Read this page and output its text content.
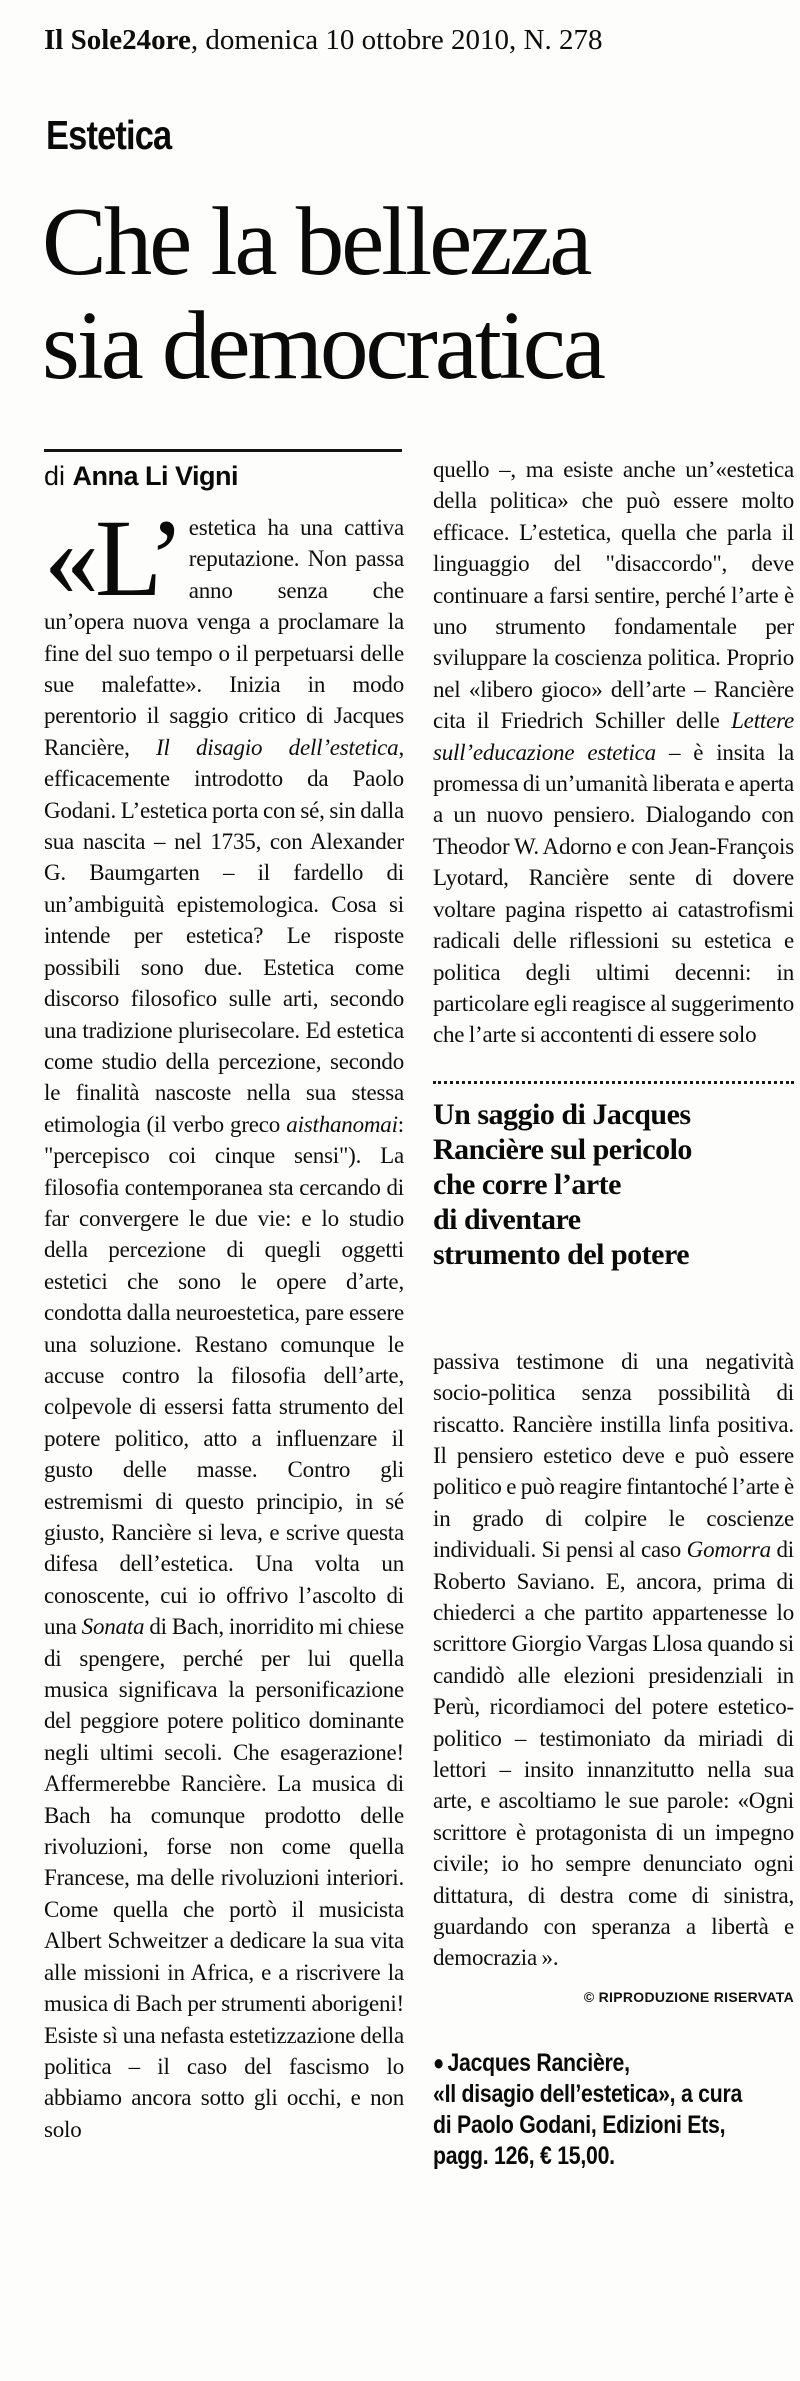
Il Sole24ore, domenica 10 ottobre 2010, N. 278
Estetica
Che la bellezza
sia democratica
di Anna Li Vigni

«L’ estetica ha una cattiva reputazione. Non passa anno senza che un’opera nuova venga a proclamare la fine del suo tempo o il perpetuarsi delle sue malefatte». Inizia in modo perentorio il saggio critico di Jacques Rancière, Il disagio dell’estetica, efficacemente introdotto da Paolo Godani. L’estetica porta con sé, sin dalla sua nascita – nel 1735, con Alexander G. Baumgarten – il fardello di un’ambiguità epistemologica. Cosa si intende per estetica? Le risposte possibili sono due. Estetica come discorso filosofico sulle arti, secondo una tradizione plurisecolare. Ed estetica come studio della percezione, secondo le finalità nascoste nella sua stessa etimologia (il verbo greco aisthanomai: "percepisco coi cinque sensi"). La filosofia contemporanea sta cercando di far convergere le due vie: e lo studio della percezione di quegli oggetti estetici che sono le opere d’arte, condotta dalla neuroestetica, pare essere una soluzione. Restano comunque le accuse contro la filosofia dell’arte, colpevole di essersi fatta strumento del potere politico, atto a influenzare il gusto delle masse. Contro gli estremismi di questo principio, in sé giusto, Rancière si leva, e scrive questa difesa dell’estetica. Una volta un conoscente, cui io offrivo l’ascolto di una Sonata di Bach, inorridito mi chiese di spengere, perché per lui quella musica significava la personificazione del peggiore potere politico dominante negli ultimi secoli. Che esagerazione! Affermerebbe Rancière. La musica di Bach ha comunque prodotto delle rivoluzioni, forse non come quella Francese, ma delle rivoluzioni interiori. Come quella che portò il musicista Albert Schweitzer a dedicare la sua vita alle missioni in Africa, e a riscrivere la musica di Bach per strumenti aborigeni! Esiste sì una nefasta estetizzazione della politica – il caso del fascismo lo abbiamo ancora sotto gli occhi, e non solo

quello –, ma esiste anche un’«estetica della politica» che può essere molto efficace. L’estetica, quella che parla il linguaggio del "disaccordo", deve continuare a farsi sentire, perché l’arte è uno strumento fondamentale per sviluppare la coscienza politica. Proprio nel «libero gioco» dell’arte – Rancière cita il Friedrich Schiller delle Lettere sull’educazione estetica – è insita la promessa di un’umanità liberata e aperta a un nuovo pensiero. Dialogando con Theodor W. Adorno e con Jean-François Lyotard, Rancière sente di dovere voltare pagina rispetto ai catastrofismi radicali delle riflessioni su estetica e politica degli ultimi decenni: in particolare egli reagisce al suggerimento che l’arte si accontenti di essere solo

Un saggio di Jacques
Rancière sul pericolo
che corre l’arte
di diventare
strumento del potere

passiva testimone di una negatività socio-politica senza possibilità di riscatto. Rancière instilla linfa positiva. Il pensiero estetico deve e può essere politico e può reagire fintantoché l’arte è in grado di colpire le coscienze individuali. Si pensi al caso Gomorra di Roberto Saviano. E, ancora, prima di chiederci a che partito appartenesse lo scrittore Giorgio Vargas Llosa quando si candidò alle elezioni presidenziali in Perù, ricordiamoci del potere estetico-politico – testimoniato da miriadi di lettori – insito innanzitutto nella sua arte, e ascoltiamo le sue parole: «Ogni scrittore è protagonista di un impegno civile; io ho sempre denunciato ogni dittatura, di destra come di sinistra, guardando con speranza a libertà e democrazia ».

© RIPRODUZIONE RISERVATA
● Jacques Rancière,
«Il disagio dell’estetica», a cura
di Paolo Godani, Edizioni Ets,
pagg. 126, € 15,00.
